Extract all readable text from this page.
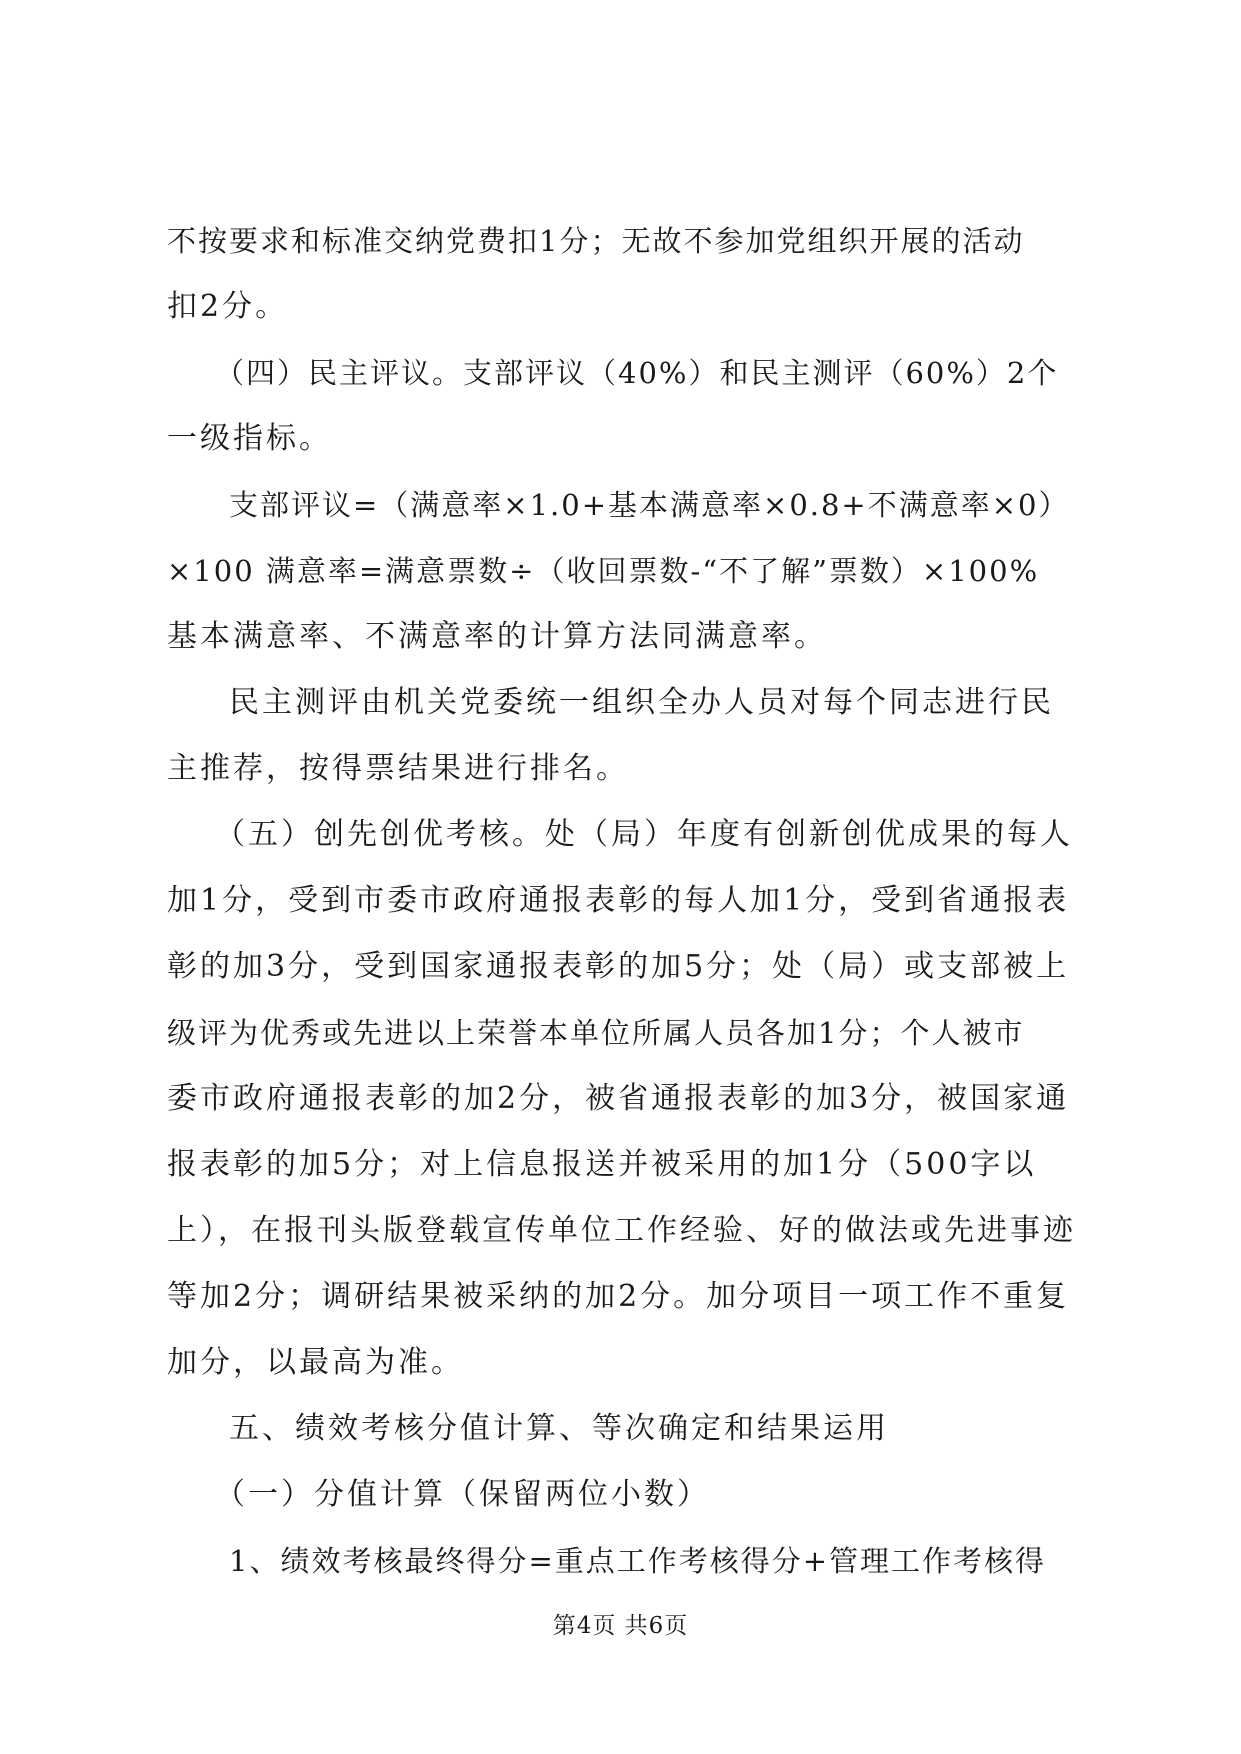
不按要求和标准交纳党费扣1分；无故不参加党组织开展的活动
扣2分。
（四）民主评议。支部评议（40%）和民主测评（60%）2个
一级指标。
支部评议=（满意率×1.0+基本满意率×0.8+不满意率×0）
×100 满意率=满意票数÷（收回票数-“不了解”票数）×100%
基本满意率、不满意率的计算方法同满意率。
民主测评由机关党委统一组织全办人员对每个同志进行民
主推荐，按得票结果进行排名。
（五）创先创优考核。处（局）年度有创新创优成果的每人
加1分，受到市委市政府通报表彰的每人加1分，受到省通报表
彰的加3分，受到国家通报表彰的加5分；处（局）或支部被上
级评为优秀或先进以上荣誉本单位所属人员各加1分；个人被市
委市政府通报表彰的加2分，被省通报表彰的加3分，被国家通
报表彰的加5分；对上信息报送并被采用的加1分（500字以
上），在报刊头版登载宣传单位工作经验、好的做法或先进事迹
等加2分；调研结果被采纳的加2分。加分项目一项工作不重复
加分，以最高为准。
五、绩效考核分值计算、等次确定和结果运用
（一）分值计算（保留两位小数）
1、绩效考核最终得分=重点工作考核得分+管理工作考核得
第4页 共6页
